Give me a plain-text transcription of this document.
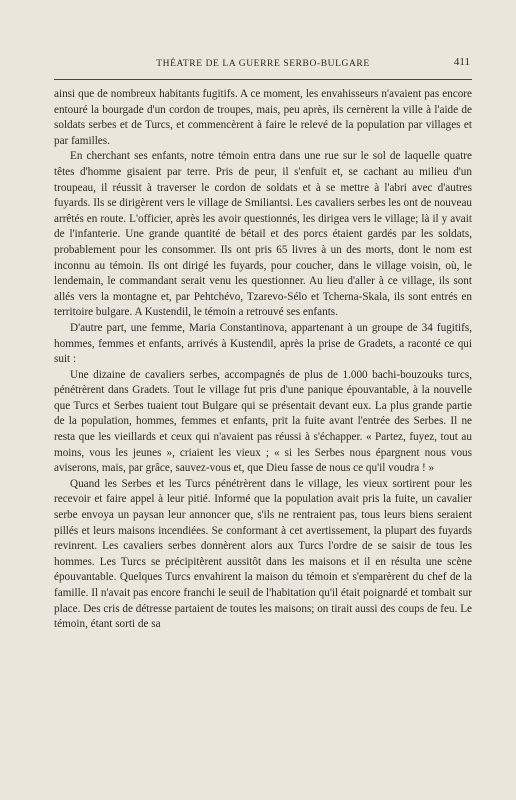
THÉATRE DE LA GUERRE SERBO-BULGARE	411

ainsi que de nombreux habitants fugitifs. A ce moment, les envahisseurs n'avaient pas encore entouré la bourgade d'un cordon de troupes, mais, peu après, ils cernèrent la ville à l'aide de soldats serbes et de Turcs, et commencèrent à faire le relevé de la population par villages et par familles.

En cherchant ses enfants, notre témoin entra dans une rue sur le sol de laquelle quatre têtes d'homme gisaient par terre. Pris de peur, il s'enfuit et, se cachant au milieu d'un troupeau, il réussit à traverser le cordon de soldats et à se mettre à l'abri avec d'autres fuyards. Ils se dirigèrent vers le village de Smiliantsi. Les cavaliers serbes les ont de nouveau arrêtés en route. L'officier, après les avoir questionnés, les dirigea vers le village; là il y avait de l'infanterie. Une grande quantité de bétail et des porcs étaient gardés par les soldats, probablement pour les consommer. Ils ont pris 65 livres à un des morts, dont le nom est inconnu au témoin. Ils ont dirigé les fuyards, pour coucher, dans le village voisin, où, le lendemain, le commandant serait venu les questionner. Au lieu d'aller à ce village, ils sont allés vers la montagne et, par Pehtchévo, Tzarevo-Sélo et Tcherna-Skala, ils sont entrés en territoire bulgare. A Kustendil, le témoin a retrouvé ses enfants.

D'autre part, une femme, Maria Constantinova, appartenant à un groupe de 34 fugitifs, hommes, femmes et enfants, arrivés à Kustendil, après la prise de Gradets, a raconté ce qui suit :

Une dizaine de cavaliers serbes, accompagnés de plus de 1.000 bachi-bouzouks turcs, pénétrèrent dans Gradets. Tout le village fut pris d'une panique épouvantable, à la nouvelle que Turcs et Serbes tuaient tout Bulgare qui se présentait devant eux. La plus grande partie de la population, hommes, femmes et enfants, prit la fuite avant l'entrée des Serbes. Il ne resta que les vieillards et ceux qui n'avaient pas réussi à s'échapper. « Partez, fuyez, tout au moins, vous les jeunes », criaient les vieux ; « si les Serbes nous épargnent nous vous aviserons, mais, par grâce, sauvez-vous et, que Dieu fasse de nous ce qu'il voudra ! »

Quand les Serbes et les Turcs pénétrèrent dans le village, les vieux sortirent pour les recevoir et faire appel à leur pitié. Informé que la population avait pris la fuite, un cavalier serbe envoya un paysan leur annoncer que, s'ils ne rentraient pas, tous leurs biens seraient pillés et leurs maisons incendiées. Se conformant à cet avertissement, la plupart des fuyards revinrent. Les cavaliers serbes donnèrent alors aux Turcs l'ordre de se saisir de tous les hommes. Les Turcs se précipitèrent aussitôt dans les maisons et il en résulta une scène épouvantable. Quelques Turcs envahirent la maison du témoin et s'emparèrent du chef de la famille. Il n'avait pas encore franchi le seuil de l'habitation qu'il était poignardé et tombait sur place. Des cris de détresse partaient de toutes les maisons; on tirait aussi des coups de feu. Le témoin, étant sorti de sa
